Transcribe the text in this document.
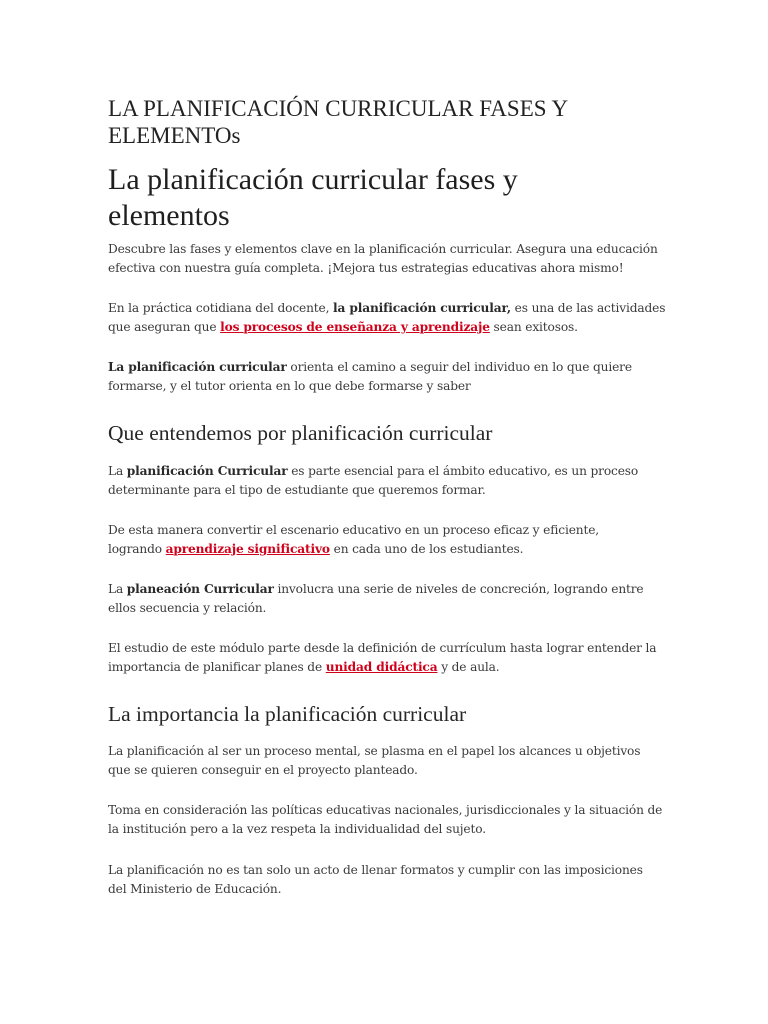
LA PLANIFICACIÓN CURRICULAR FASES Y
ELEMENTOs
La planificación curricular fases y
elementos

Descubre las fases y elementos clave en la planificación curricular. Asegura una educación
efectiva con nuestra guía completa. ¡Mejora tus estrategias educativas ahora mismo!

En la práctica cotidiana del docente, la planificación curricular, es una de las actividades
que aseguran que los procesos de enseñanza y aprendizaje sean exitosos.

La planificación curricular orienta el camino a seguir del individuo en lo que quiere
formarse, y el tutor orienta en lo que debe formarse y saber

Que entendemos por planificación curricular

La planificación Curricular es parte esencial para el ámbito educativo, es un proceso
determinante para el tipo de estudiante que queremos formar.

De esta manera convertir el escenario educativo en un proceso eficaz y eficiente,
logrando aprendizaje significativo en cada uno de los estudiantes.

La planeación Curricular involucra una serie de niveles de concreción, logrando entre
ellos secuencia y relación.

El estudio de este módulo parte desde la definición de currículum hasta lograr entender la
importancia de planificar planes de unidad didáctica y de aula.

La importancia la planificación curricular

La planificación al ser un proceso mental, se plasma en el papel los alcances u objetivos
que se quieren conseguir en el proyecto planteado.

Toma en consideración las políticas educativas nacionales, jurisdiccionales y la situación de
la institución pero a la vez respeta la individualidad del sujeto.

La planificación no es tan solo un acto de llenar formatos y cumplir con las imposiciones
del Ministerio de Educación.
